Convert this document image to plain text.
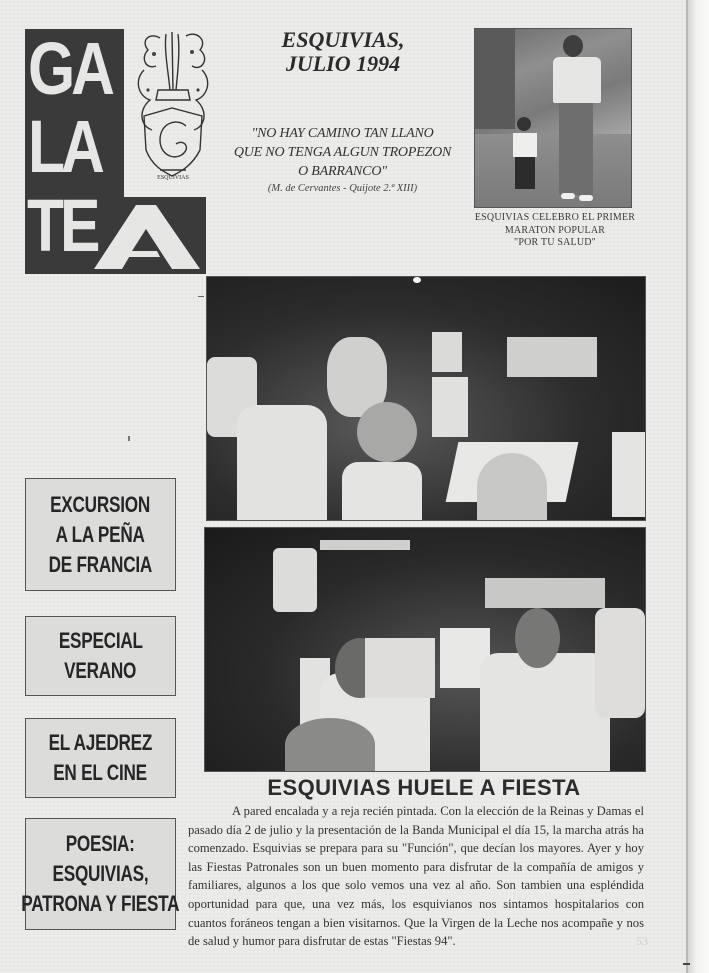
GA
LA
TE
ESQUIVIAS
ESQUIVIAS,
JULIO 1994
"NO HAY CAMINO TAN LLANO
QUE NO TENGA ALGUN TROPEZON
O BARRANCO"
(M. de Cervantes - Quijote 2.ª XIII)
ESQUIVIAS CELEBRO EL PRIMER
MARATON POPULAR
"POR TU SALUD"
EXCURSION
A LA PEÑA
DE FRANCIA
ESPECIAL
VERANO
EL AJEDREZ
EN EL CINE
POESIA:
ESQUIVIAS,
PATRONA Y FIESTA
ESQUIVIAS HUELE A FIESTA
A pared encalada y a reja recién pintada. Con la elección de la Reinas y Damas el pasado día 2 de julio y la presentación de la Banda Municipal el día 15, la marcha atrás ha comenzado. Esquivias se prepara para su "Función", que decían los mayores. Ayer y hoy las Fiestas Patronales son un buen momento para disfrutar de la compañía de amigos y familiares, algunos a los que solo vemos una vez al año. Son tambien una espléndida oportunidad para que, una vez más, los esquivianos nos sintamos hospitalarios con cuantos foráneos tengan a bien visitarnos. Que la Virgen de la Leche nos acompañe y nos de salud y humor para disfrutar de estas "Fiestas 94".	53
